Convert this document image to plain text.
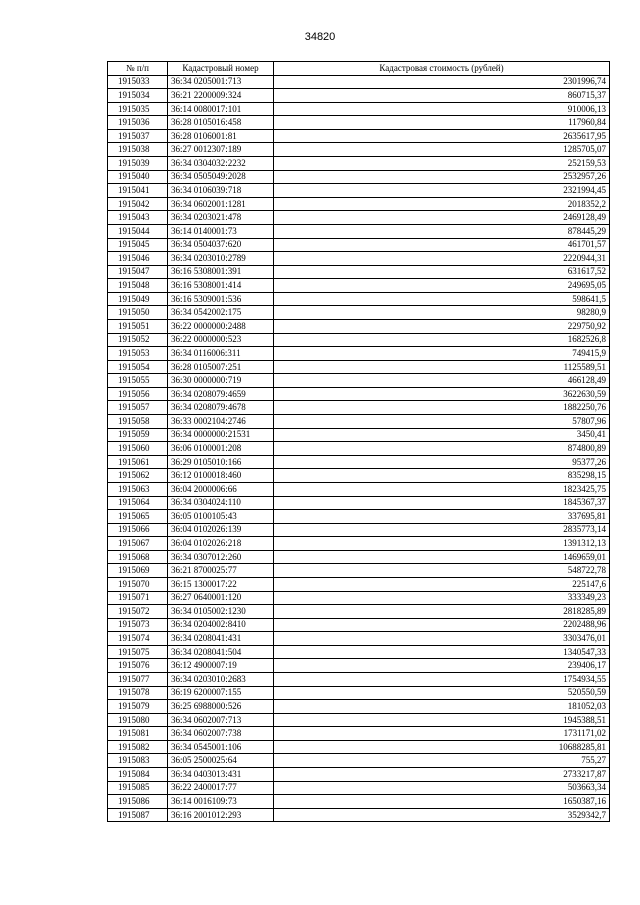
34820
№ п/п	Кадастровый номер	Кадастровая стоимость (рублей)
1915033	36:34 0205001:713	2301996,74
1915034	36:21 2200009:324	860715,37
1915035	36:14 0080017:101	910006,13
1915036	36:28 0105016:458	117960,84
1915037	36:28 0106001:81	2635617,95
1915038	36:27 0012307:189	1285705,07
1915039	36:34 0304032:2232	252159,53
1915040	36:34 0505049:2028	2532957,26
1915041	36:34 0106039:718	2321994,45
1915042	36:34 0602001:1281	2018352,2
1915043	36:34 0203021:478	2469128,49
1915044	36:14 0140001:73	878445,29
1915045	36:34 0504037:620	461701,57
1915046	36:34 0203010:2789	2220944,31
1915047	36:16 5308001:391	631617,52
1915048	36:16 5308001:414	249695,05
1915049	36:16 5309001:536	598641,5
1915050	36:34 0542002:175	98280,9
1915051	36:22 0000000:2488	229750,92
1915052	36:22 0000000:523	1682526,8
1915053	36:34 0116006:311	749415,9
1915054	36:28 0105007:251	1125589,51
1915055	36:30 0000000:719	466128,49
1915056	36:34 0208079:4659	3622630,59
1915057	36:34 0208079:4678	1882250,76
1915058	36:33 0002104:2746	57807,96
1915059	36:34 0000000:21531	3450,41
1915060	36:06 0100001:208	874800,89
1915061	36:29 0105010:166	95377,26
1915062	36:12 0100018:460	835298,15
1915063	36:04 2000006:66	1823425,75
1915064	36:34 0304024:110	1845367,37
1915065	36:05 0100105:43	337695,81
1915066	36:04 0102026:139	2835773,14
1915067	36:04 0102026:218	1391312,13
1915068	36:34 0307012:260	1469659,01
1915069	36:21 8700025:77	548722,78
1915070	36:15 1300017:22	225147,6
1915071	36:27 0640001:120	333349,23
1915072	36:34 0105002:1230	2818285,89
1915073	36:34 0204002:8410	2202488,96
1915074	36:34 0208041:431	3303476,01
1915075	36:34 0208041:504	1340547,33
1915076	36:12 4900007:19	239406,17
1915077	36:34 0203010:2683	1754934,55
1915078	36:19 6200007:155	520550,59
1915079	36:25 6988000:526	181052,03
1915080	36:34 0602007:713	1945388,51
1915081	36:34 0602007:738	1731171,02
1915082	36:34 0545001:106	10688285,81
1915083	36:05 2500025:64	755,27
1915084	36:34 0403013:431	2733217,87
1915085	36:22 2400017:77	503663,34
1915086	36:14 0016109:73	1650387,16
1915087	36:16 2001012:293	3529342,7
